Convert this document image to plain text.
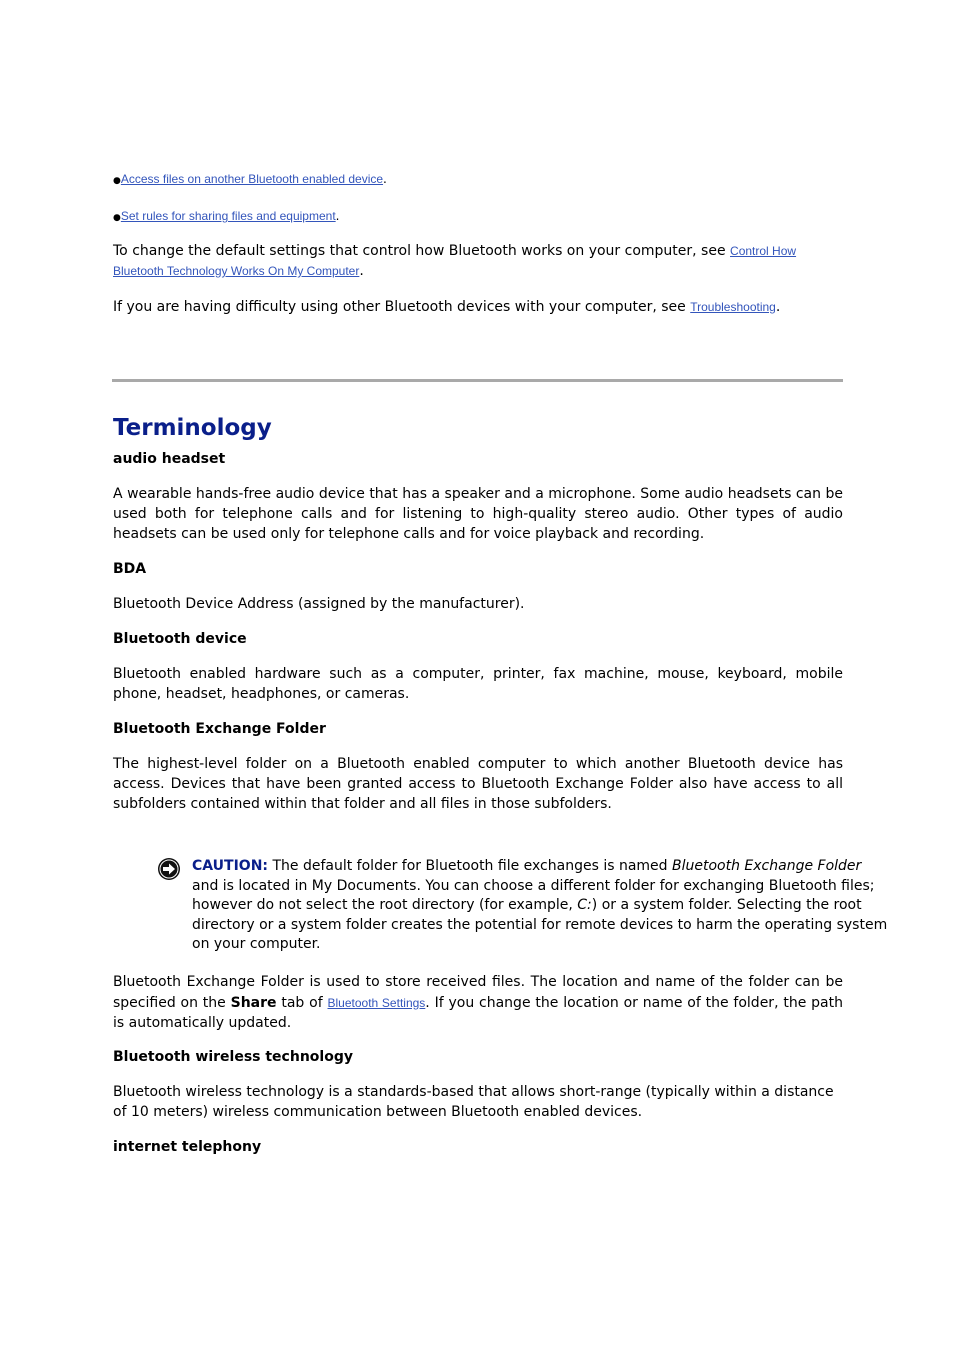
●Access files on another Bluetooth enabled device.
●Set rules for sharing files and equipment.

To change the default settings that control how Bluetooth works on your computer, see Control How
Bluetooth Technology Works On My Computer.

If you are having difficulty using other Bluetooth devices with your computer, see Troubleshooting.

Terminology
audio headset

A wearable hands-free audio device that has a speaker and a microphone. Some audio headsets can be used both for telephone calls and for listening to high-quality stereo audio. Other types of audio headsets can be used only for telephone calls and for voice playback and recording.

BDA

Bluetooth Device Address (assigned by the manufacturer).

Bluetooth device

Bluetooth enabled hardware such as a computer, printer, fax machine, mouse, keyboard, mobile phone, headset, headphones, or cameras.

Bluetooth Exchange Folder

The highest-level folder on a Bluetooth enabled computer to which another Bluetooth device has access. Devices that have been granted access to Bluetooth Exchange Folder also have access to all subfolders contained within that folder and all files in those subfolders.

CAUTION: The default folder for Bluetooth file exchanges is named Bluetooth Exchange Folder and is located in My Documents. You can choose a different folder for exchanging Bluetooth files; however do not select the root directory (for example, C:) or a system folder. Selecting the root directory or a system folder creates the potential for remote devices to harm the operating system on your computer.

Bluetooth Exchange Folder is used to store received files. The location and name of the folder can be specified on the Share tab of Bluetooth Settings. If you change the location or name of the folder, the path is automatically updated.

Bluetooth wireless technology

Bluetooth wireless technology is a standards-based that allows short-range (typically within a distance of 10 meters) wireless communication between Bluetooth enabled devices.

internet telephony
